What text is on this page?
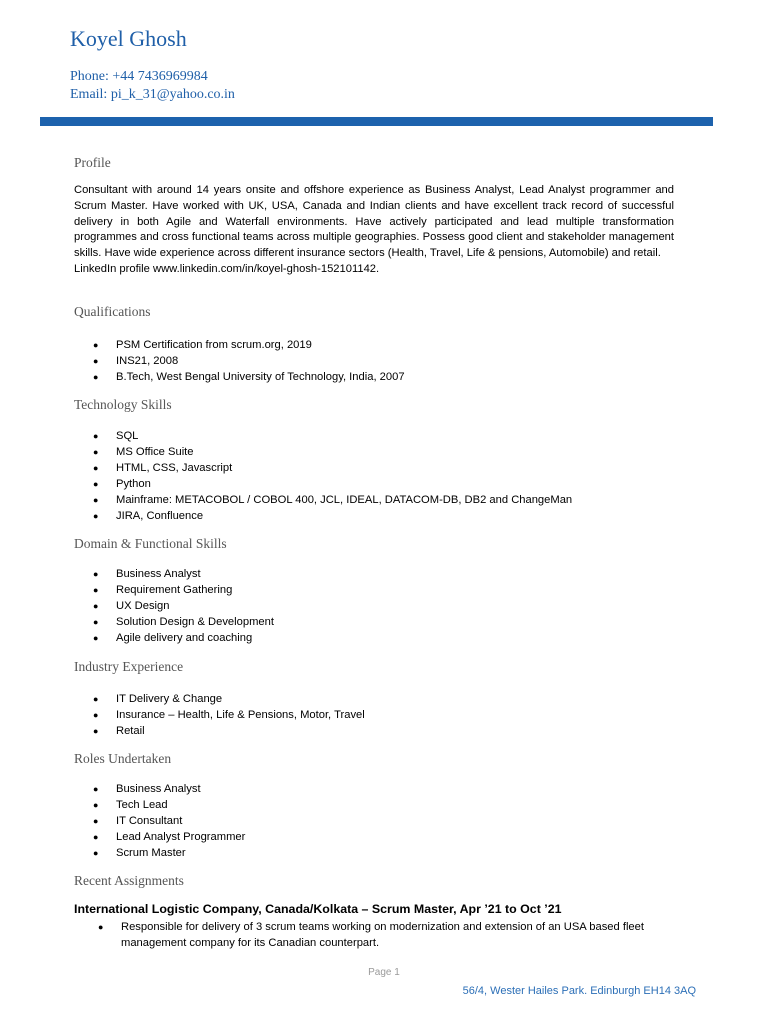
Koyel Ghosh

Phone: +44 7436969984

Email: pi_k_31@yahoo.co.in

Profile

Consultant with around 14 years onsite and offshore experience as Business Analyst, Lead Analyst programmer and Scrum Master. Have worked with UK, USA, Canada and Indian clients and have excellent track record of successful delivery in both Agile and Waterfall environments. Have actively participated and lead multiple transformation programmes and cross functional teams across multiple geographies. Possess good client and stakeholder management skills. Have wide experience across different insurance sectors (Health, Travel, Life & pensions, Automobile) and retail.

LinkedIn profile www.linkedin.com/in/koyel-ghosh-152101142.

Qualifications
● PSM Certification from scrum.org, 2019
● INS21, 2008
● B.Tech, West Bengal University of Technology, India, 2007
Technology Skills
● SQL
● MS Office Suite
● HTML, CSS, Javascript
● Python
● Mainframe: METACOBOL / COBOL 400, JCL, IDEAL, DATACOM-DB, DB2 and ChangeMan
● JIRA, Confluence
Domain & Functional Skills
● Business Analyst
● Requirement Gathering
● UX Design
● Solution Design & Development
● Agile delivery and coaching
Industry Experience
● IT Delivery & Change
● Insurance – Health, Life & Pensions, Motor, Travel
● Retail
Roles Undertaken
● Business Analyst
● Tech Lead
● IT Consultant
● Lead Analyst Programmer
● Scrum Master
Recent Assignments

International Logistic Company, Canada/Kolkata – Scrum Master, Apr ’21 to Oct ’21

● Responsible for delivery of 3 scrum teams working on modernization and extension of an USA based fleet management company for its Canadian counterpart.

Page 1
56/4, Wester Hailes Park. Edinburgh EH14 3AQ
